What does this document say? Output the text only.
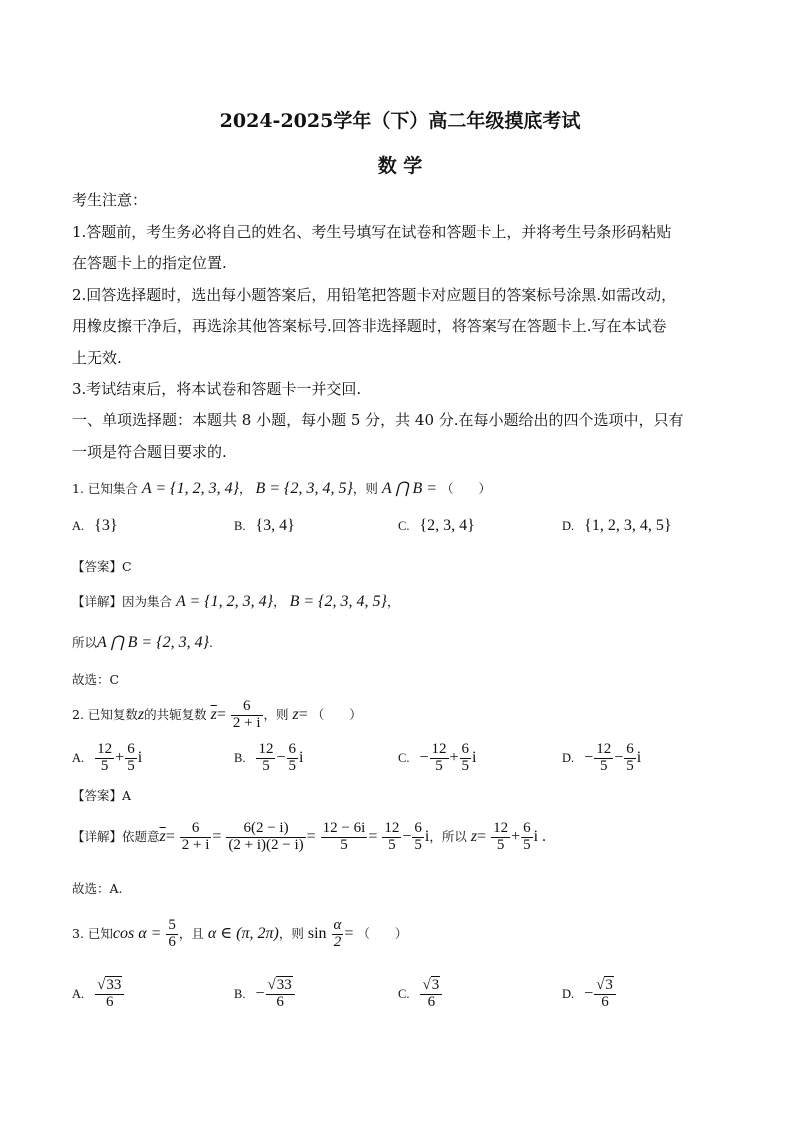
2024-2025学年（下）高二年级摸底考试
数 学
考生注意：
1.答题前，考生务必将自己的姓名、考生号填写在试卷和答题卡上，并将考生号条形码粘贴
在答题卡上的指定位置.
2.回答选择题时，选出每小题答案后，用铅笔把答题卡对应题目的答案标号涂黑.如需改动，
用橡皮擦干净后，再选涂其他答案标号.回答非选择题时，将答案写在答题卡上.写在本试卷
上无效.
3.考试结束后，将本试卷和答题卡一并交回.
一、单项选择题：本题共 8 小题，每小题 5 分，共 40 分.在每小题给出的四个选项中，只有
一项是符合题目要求的.
1. 已知集合 A = {1, 2, 3, 4}， B = {2, 3, 4, 5}，则 A ⋂ B = （　　）
A. {3}	B. {3, 4}	C. {2, 3, 4}	D. {1, 2, 3, 4, 5}
【答案】C
【详解】因为集合 A = {1, 2, 3, 4}， B = {2, 3, 4, 5}，
所以A ⋂ B = {2, 3, 4}.
故选：C
2. 已知复数z的共轭复数 $\overline{z}= \frac{6}{2 + i}$ ，则 z= （　　）
A. $\frac{12}{5} + \frac{6}{5}$ i	B. $\frac{12}{5} - \frac{6}{5}$ i	C. − $\frac{12}{5} + \frac{6}{5}$ i	D. − $\frac{12}{5} - \frac{6}{5}$ i
【答案】A
【详解】依题意$\overline{z}= \frac{6}{2 + i} = \frac{6(2 - i)}{(2 + i)(2 - i)} = \frac{12 - 6i}{5} = \frac{12}{5} - \frac{6}{5}$ i，所以 $z= \frac{12}{5} + \frac{6}{5}$ i .
故选：A.
3. 已知$\cos \alpha = \frac{5}{6}$ ，且 α ∈ (π, 2π)，则 $\sin \frac{\alpha}{2}$ = （　　）
A. $\frac{√33}{6}$	B. − $\frac{√33}{6}$	C. $\frac{√3}{6}$	D. − $\frac{√3}{6}$
